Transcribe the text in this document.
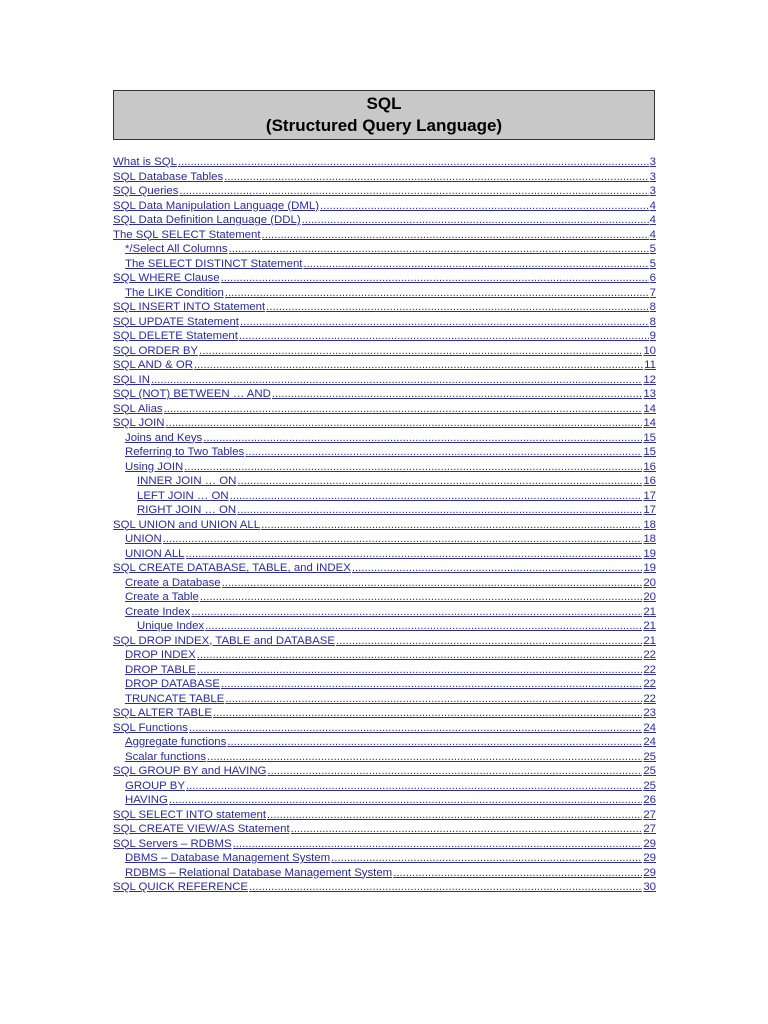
SQL
(Structured Query Language)
What is SQL .....	3
SQL Database Tables .....	3
SQL Queries .....	3
SQL Data Manipulation Language (DML) .....	4
SQL Data Definition Language (DDL) .....	4
The SQL SELECT Statement .....	4
*/Select All Columns .....	5
The SELECT DISTINCT Statement .....	5
SQL WHERE Clause .....	6
The LIKE Condition .....	7
SQL INSERT INTO Statement .....	8
SQL UPDATE Statement .....	8
SQL DELETE Statement .....	9
SQL ORDER BY .....	10
SQL AND & OR .....	11
SQL IN .....	12
SQL (NOT) BETWEEN … AND .....	13
SQL Alias .....	14
SQL JOIN .....	14
Joins and Keys .....	15
Referring to Two Tables .....	15
Using JOIN .....	16
INNER JOIN … ON .....	16
LEFT JOIN … ON .....	17
RIGHT JOIN … ON .....	17
SQL UNION and UNION ALL .....	18
UNION .....	18
UNION ALL .....	19
SQL CREATE DATABASE, TABLE, and INDEX .....	19
Create a Database .....	20
Create a Table .....	20
Create Index .....	21
Unique Index .....	21
SQL DROP INDEX, TABLE and DATABASE .....	21
DROP INDEX .....	22
DROP TABLE .....	22
DROP DATABASE .....	22
TRUNCATE TABLE .....	22
SQL ALTER TABLE .....	23
SQL Functions .....	24
Aggregate functions .....	24
Scalar functions .....	25
SQL GROUP BY and HAVING .....	25
GROUP BY .....	25
HAVING .....	26
SQL SELECT INTO statement .....	27
SQL CREATE VIEW/AS Statement .....	27
SQL Servers – RDBMS .....	29
DBMS – Database Management System .....	29
RDBMS – Relational Database Management System .....	29
SQL QUICK REFERENCE .....	30
